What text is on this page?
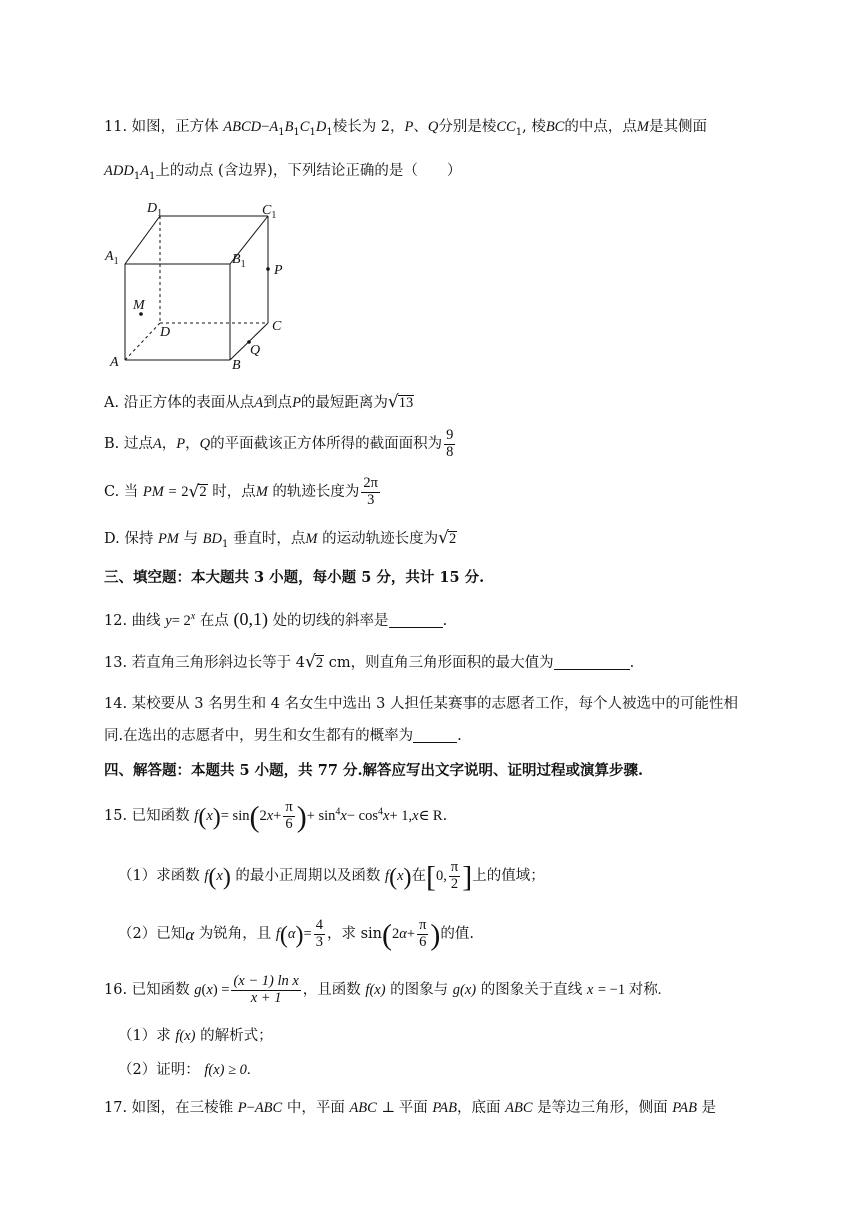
11. 如图，正方体 $ABCD-A_1B_1C_1D_1$棱长为 2，P、Q分别是棱$CC_1$, 棱BC的中点，点M是其侧面
$ADD_1A_1$上的动点 (含边界)，下列结论正确的是（　　）
$D_1$	$C_1$
$A_1$	$B_1$ P
M
D	C
A	B
Q
A. 沿正方体的表面从点A到点P的最短距离为√13
B. 过点A，P，Q的平面截该正方体所得的截面面积为 $\frac{9}{8}$
C. 当 PM = 2√2 时，点M 的轨迹长度为 $\frac{2\pi}{3}$
D. 保持 PM 与 $BD_1$ 垂直时，点M 的运动轨迹长度为√2
三、填空题：本大题共 3 小题，每小题 5 分，共计 15 分.
12. 曲线 $y= 2^x$ 在点 (0,1) 处的切线的斜率是	.
13. 若直角三角形斜边长等于 4√2 cm，则直角三角形面积的最大值为	.
14. 某校要从 3 名男生和 4 名女生中选出 3 人担任某赛事的志愿者工作，每个人被选中的可能性相
同.在选出的志愿者中，男生和女生都有的概率为	.
四、解答题：本题共 5 小题，共 77 分.解答应写出文字说明、证明过程或演算步骤.
15. 已知函数 $f(x)= \sin(2x+ \frac{\pi}{6}$ )+ $\sin^4x- \cos^4x+$ 1,x∈ R.
（1）求函数 f(x) 的最小正周期以及函数 f(x)在[0, $\frac{\pi}{2}$ ]上的值域；
（2）已知α 为锐角，且 $f(\alpha)= \frac{4}{3}$ ，求 $\sin(2\alpha+ \frac{\pi}{6}$ )的值.
16. 已知函数 $g(x) = \frac{\text{(x − 1) ln x}}{x + 1}$ ，且函数 f(x) 的图象与 g(x) 的图象关于直线 x = −1 对称.
（1）求 f(x) 的解析式；
（2）证明： f(x) ≥ 0.
17. 如图，在三棱锥 P−ABC 中，平面 ABC ⊥ 平面 PAB，底面 ABC 是等边三角形，侧面 PAB 是
